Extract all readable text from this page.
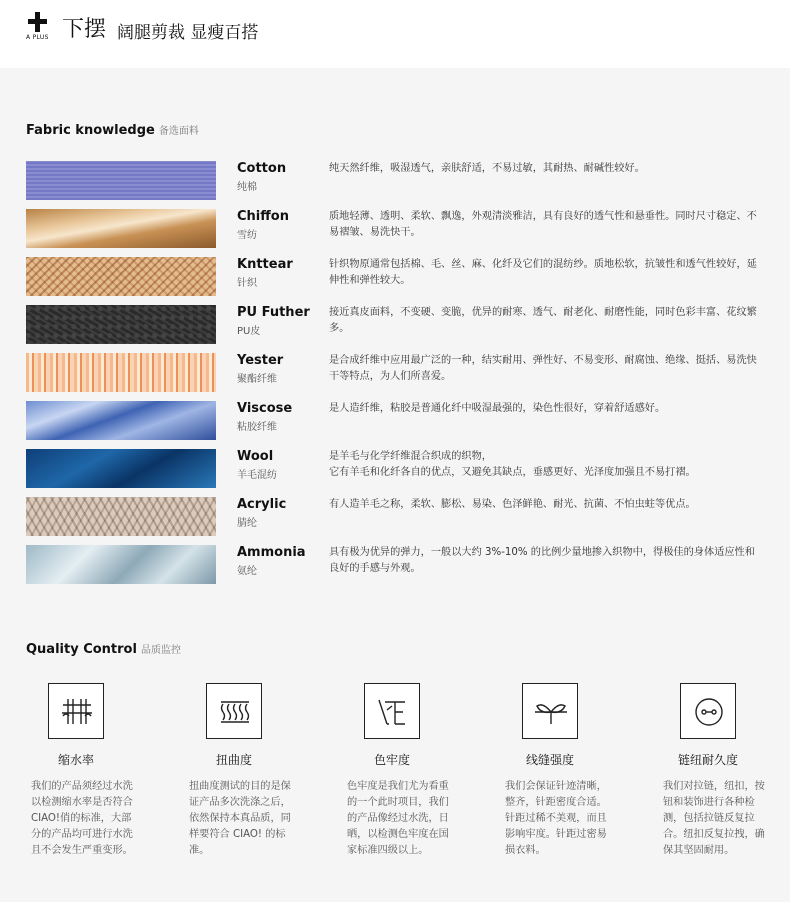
A PLUS 下摆 阔腿剪裁 显瘦百搭
Fabric knowledge 备选面料
Cotton
纯棉
纯天然纤维，吸湿透气，亲肤舒适，不易过敏，其耐热、耐碱性较好。
Chiffon
雪纺
质地轻薄、透明、柔软、飘逸，外观清淡雅洁，具有良好的透气性和悬垂性。同时尺寸稳定、不易褶皱、易洗快干。
Knttear
针织
针织物原通常包括棉、毛、丝、麻、化纤及它们的混纺纱。质地松软，抗皱性和透气性较好，延伸性和弹性较大。
PU Futher
PU皮
接近真皮面料，不变硬、变脆，优异的耐寒、透气、耐老化、耐磨性能，同时色彩丰富、花纹繁多。
Yester
聚酯纤维
是合成纤维中应用最广泛的一种，结实耐用、弹性好、不易变形、耐腐蚀、绝缘、挺括、易洗快干等特点，为人们所喜爱。
Viscose
粘胶纤维
是人造纤维，粘胶是普通化纤中吸湿最强的，染色性很好，穿着舒适感好。
Wool
羊毛混纺
是羊毛与化学纤维混合织成的织物，
它有羊毛和化纤各自的优点，又避免其缺点，垂感更好、光泽度加强且不易打褶。
Acrylic
腈纶
有人造羊毛之称，柔软、膨松、易染、色泽鲜艳、耐光、抗菌、不怕虫蛀等优点。
Ammonia
氨纶
具有极为优异的弹力，一般以大约 3%-10% 的比例少量地掺入织物中，得极佳的身体适应性和良好的手感与外观。
Quality Control 品质监控
缩水率
我们的产品须经过水洗以检测缩水率是否符合CIAO!俏的标准，大部分的产品均可进行水洗且不会发生严重变形。
扭曲度
扭曲度测试的目的是保证产品多次洗涤之后，依然保持本真品质，同样要符合 CIAO! 的标准。
色牢度
色牢度是我们尤为看重的一个此时项目，我们的产品像经过水洗，日晒，以检测色牢度在国家标准四级以上。
线缝强度
我们会保证针迹清晰，整齐，针距密度合适。针距过稀不美观，而且影响牢度。针距过密易损衣料。
链纽耐久度
我们对拉链，纽扣，按钮和装饰进行各种检测，包括拉链反复拉合。纽扣反复拉拽，确保其坚固耐用。
